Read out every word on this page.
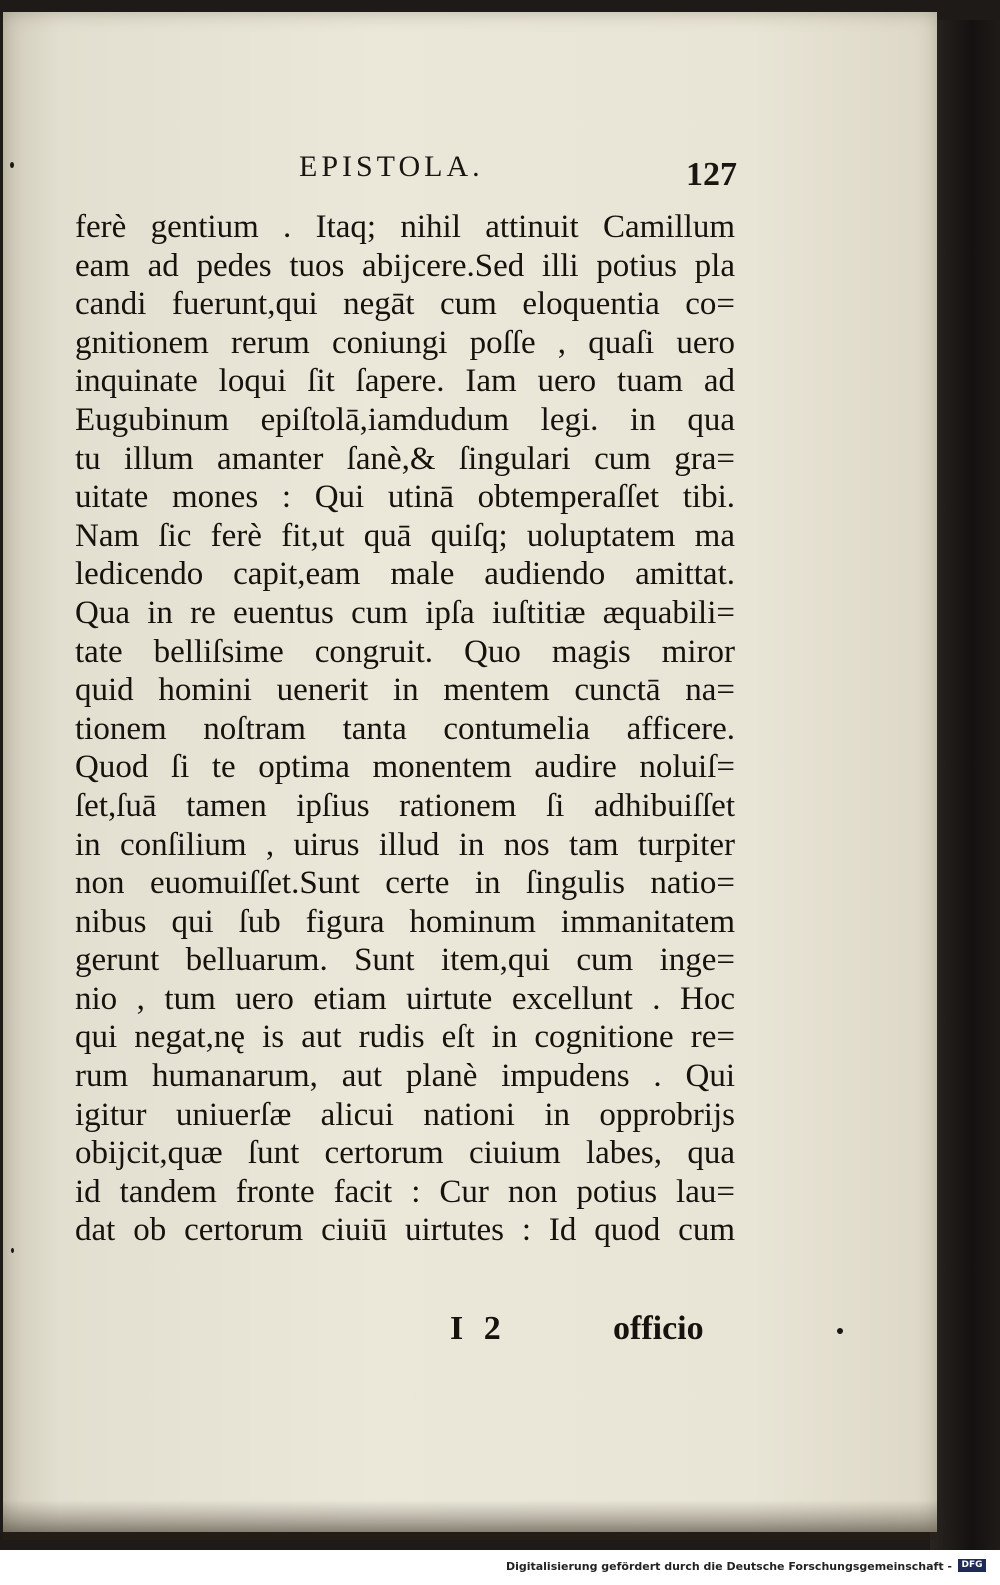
EPISTOLA.	127
ferè gentium . Itaq; nihil attinuit Camillum
eam ad pedes tuos abijcere.Sed illi potius pla
candi fuerunt,qui negāt cum eloquentia co=
gnitionem rerum coniungi poſſe , quaſi uero
inquinate loqui ſit ſapere. Iam uero tuam ad
Eugubinum epiſtolā,iamdudum legi. in qua
tu illum amanter ſanè,& ſingulari cum gra=
uitate mones : Qui utinā obtemperaſſet tibi.
Nam ſic ferè fit,ut quā quiſq; uoluptatem ma
ledicendo capit,eam male audiendo amittat.
Qua in re euentus cum ipſa iuſtitiæ æquabili=
tate belliſsime congruit. Quo magis miror
quid homini uenerit in mentem cunctā na=
tionem noſtram tanta contumelia afficere.
Quod ſi te optima monentem audire noluiſ=
ſet,ſuā tamen ipſius rationem ſi adhibuiſſet
in conſilium , uirus illud in nos tam turpiter
non euomuiſſet.Sunt certe in ſingulis natio=
nibus qui ſub figura hominum immanitatem
gerunt belluarum. Sunt item,qui cum inge=
nio , tum uero etiam uirtute excellunt . Hoc
qui negat,nę is aut rudis eſt in cognitione re=
rum humanarum, aut planè impudens . Qui
igitur uniuerſæ alicui nationi in opprobrijs
obijcit,quæ ſunt certorum ciuium labes, qua
id tandem fronte facit : Cur non potius lau=
dat ob certorum ciuiū uirtutes : Id quod cum
I 2	officio
Digitalisierung gefördert durch die Deutsche Forschungsgemeinschaft -	DFG
